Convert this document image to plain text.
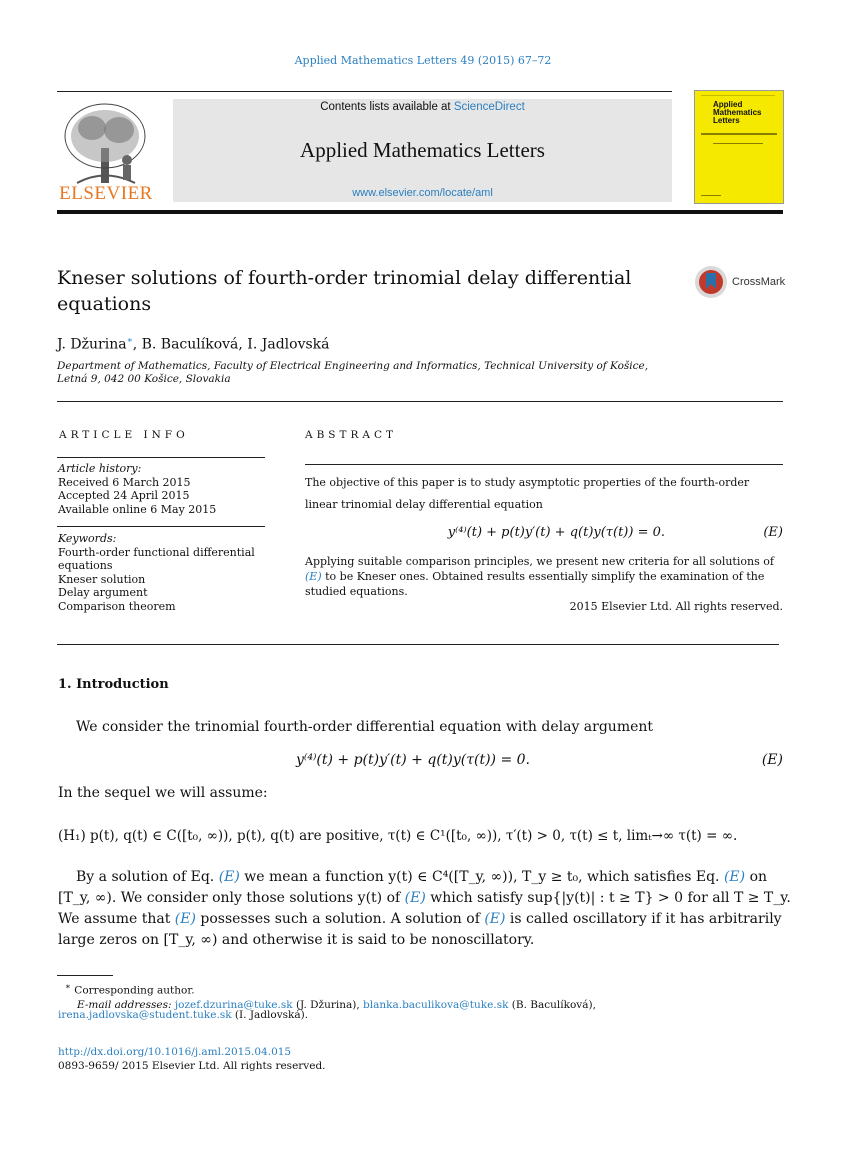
Applied Mathematics Letters 49 (2015) 67–72
ELSEVIER
Contents lists available at ScienceDirect
Applied Mathematics Letters
www.elsevier.com/locate/aml
Applied
Mathematics
Letters
Kneser solutions of fourth-order trinomial delay differential equations
CrossMark
J. Džurina∗, B. Baculíková, I. Jadlovská
Department of Mathematics, Faculty of Electrical Engineering and Informatics, Technical University of Košice, Letná 9, 042 00 Košice, Slovakia
ARTICLE INFO
Article history:
Received 6 March 2015
Accepted 24 April 2015
Available online 6 May 2015
Keywords:
Fourth-order functional differential
equations
Kneser solution
Delay argument
Comparison theorem
ABSTRACT
The objective of this paper is to study asymptotic properties of the fourth-order
linear trinomial delay differential equation
y⁽⁴⁾(t) + p(t)y′(t) + q(t)y(τ(t)) = 0.	(E)
Applying suitable comparison principles, we present new criteria for all solutions of
(E) to be Kneser ones. Obtained results essentially simplify the examination of the
studied equations.
2015 Elsevier Ltd. All rights reserved.
1. Introduction
We consider the trinomial fourth-order differential equation with delay argument
y⁽⁴⁾(t) + p(t)y′(t) + q(t)y(τ(t)) = 0.	(E)
In the sequel we will assume:
(H₁) p(t), q(t) ∈ C([t₀, ∞)), p(t), q(t) are positive, τ(t) ∈ C¹([t₀, ∞)), τ′(t) > 0, τ(t) ≤ t, limₜ→∞ τ(t) = ∞.
By a solution of Eq. (E) we mean a function y(t) ∈ C⁴([T_y, ∞)), T_y ≥ t₀, which satisfies Eq. (E) on
[T_y, ∞). We consider only those solutions y(t) of (E) which satisfy sup{|y(t)| : t ≥ T} > 0 for all T ≥ T_y.
We assume that (E) possesses such a solution. A solution of (E) is called oscillatory if it has arbitrarily
large zeros on [T_y, ∞) and otherwise it is said to be nonoscillatory.
∗ Corresponding author.
E-mail addresses: jozef.dzurina@tuke.sk (J. Džurina), blanka.baculikova@tuke.sk (B. Baculíková),
irena.jadlovska@student.tuke.sk (I. Jadlovská).
http://dx.doi.org/10.1016/j.aml.2015.04.015
0893-9659/ 2015 Elsevier Ltd. All rights reserved.
